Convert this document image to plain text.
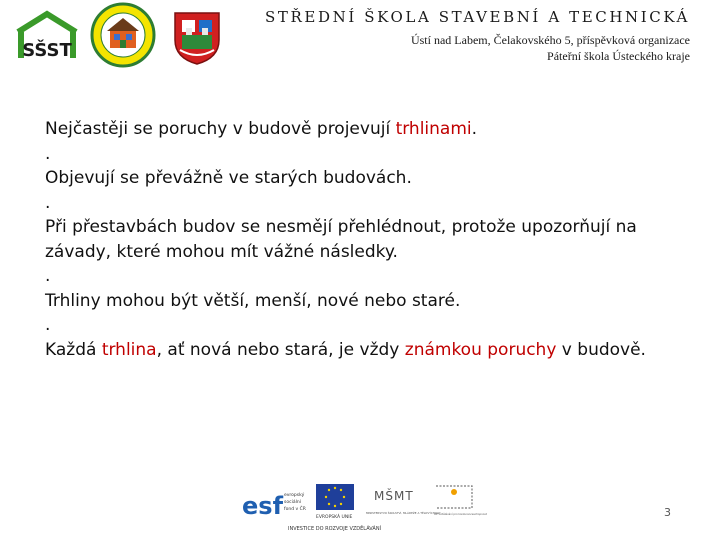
SŠST
STŘEDNÍ ŠKOLA STAVEBNÍ A TECHNICKÁ
Ústí nad Labem, Čelakovského 5, příspěvková organizace
Páteřní škola Ústeckého kraje

Nejčastěji se poruchy v budově projevují trhlinami.

.

Objevují se převážně ve starých budovách.

.

Při přestavbách budov se nesmějí přehlédnout, protože upozorňují na závady, které mohou mít vážné následky.

.

Trhliny mohou být větší, menší, nové nebo staré.

.

Každá trhlina, ať nová nebo stará, je vždy známkou poruchy v budově.

esf evropský
sociální
fond v ČR
EVROPSKÁ UNIE
MŠMT
MINISTERSTVO ŠKOLSTVÍ, MLÁDEŽE A TĚLOVÝCHOVY
OP Vzdělávání pro konkurenceschopnost
INVESTICE DO ROZVOJE VZDĚLÁVÁNÍ
3
